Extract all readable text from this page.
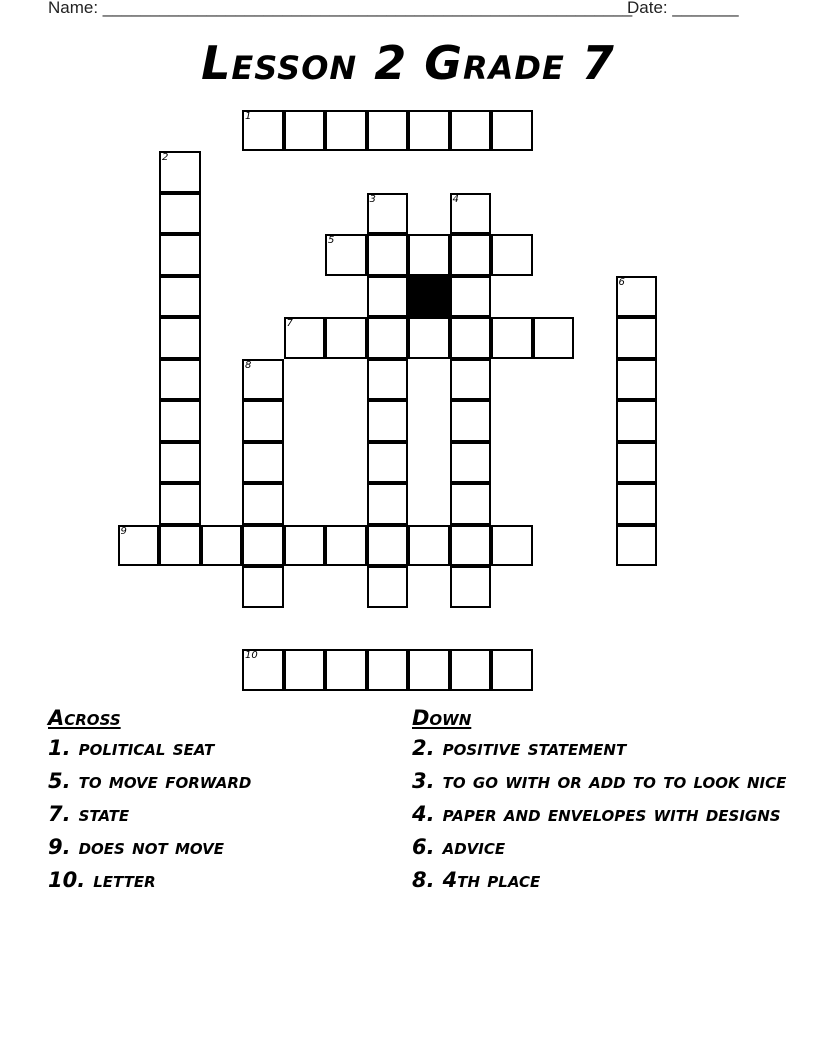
Name: ________________________________________________________
Date: _______
Lesson 2 Grade 7
1
2
3	4
5
6
7
8
9
10
Across
1. political seat
5. to move forward
7. state
9. does not move
10. letter
Down
2. positive statement
3. to go with or add to to look nice
4. paper and envelopes with designs
6. advice
8. 4th place
